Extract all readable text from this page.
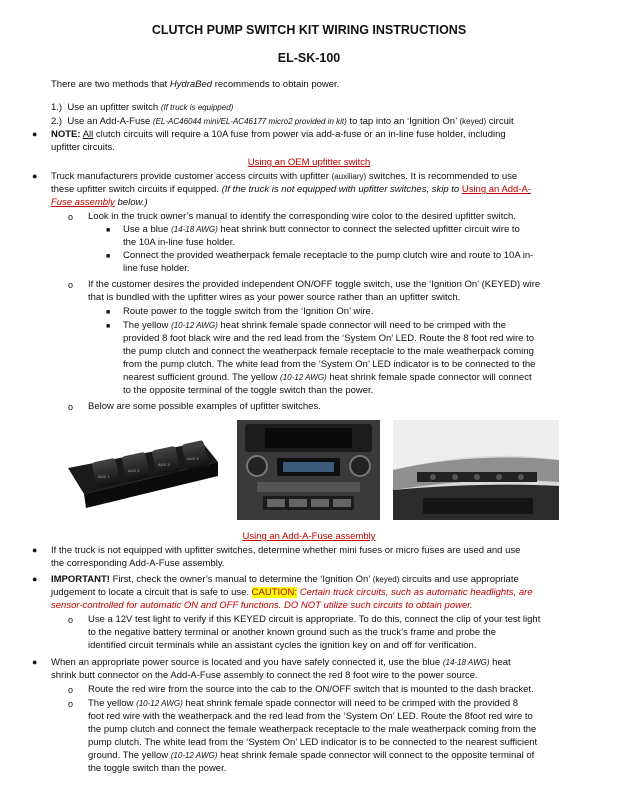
CLUTCH PUMP SWITCH KIT WIRING INSTRUCTIONS
EL-SK-100
There are two methods that HydraBed recommends to obtain power.
1.) Use an upfitter switch (If truck is equipped)
2.) Use an Add-A-Fuse (EL-AC46044 mini/EL-AC46177 micro2 provided in kit) to tap into an ‘Ignition On’ (keyed) circuit
● NOTE: All clutch circuits will require a 10A fuse from power via add-a-fuse or an in-line fuse holder, including
upfitter circuits.
Using an OEM upfitter switch
● Truck manufacturers provide customer access circuits with upfitter (auxiliary) switches. It is recommended to use
these upfitter switch circuits if equipped. (If the truck is not equipped with upfitter switches, skip to Using an Add-A-
Fuse assembly below.)
o Look in the truck owner’s manual to identify the corresponding wire color to the desired upfitter switch.
■ Use a blue (14-18 AWG) heat shrink butt connector to connect the selected upfitter circuit wire to
the 10A in-line fuse holder.
■ Connect the provided weatherpack female receptacle to the pump clutch wire and route to 10A in-
line fuse holder.
o If the customer desires the provided independent ON/OFF toggle switch, use the ‘Ignition On’ (KEYED) wire
that is bundled with the upfitter wires as your power source rather than an upfitter switch.
■ Route power to the toggle switch from the ‘Ignition On’ wire.
■ The yellow (10-12 AWG) heat shrink female spade connector will need to be crimped with the
provided 8 foot black wire and the red lead from the ‘System On’ LED. Route the 8 foot red wire to
the pump clutch and connect the weatherpack female receptacle to the male weatherpack coming
from the pump clutch. The white lead from the ‘System On’ LED indicator is to be connected to the
nearest sufficient ground. The yellow (10-12 AWG) heat shrink female spade connector will connect
to the opposite terminal of the toggle switch than the power.
o Below are some possible examples of upfitter switches.
AUX 1
AUX 2
AUX 3
AUX 4
Using an Add-A-Fuse assembly
● If the truck is not equipped with upfitter switches, determine whether mini fuses or micro fuses are used and use
the corresponding Add-A-Fuse assembly.
● IMPORTANT! First, check the owner’s manual to determine the ‘Ignition On’ (keyed) circuits and use appropriate
judgement to locate a circuit that is safe to use. CAUTION: Certain truck circuits, such as automatic headlights, are
sensor-controlled for automatic ON and OFF functions. DO NOT utilize such circuits to obtain power.
o Use a 12V test light to verify if this KEYED circuit is appropriate. To do this, connect the clip of your test light
to the negative battery terminal or another known ground such as the truck’s frame and probe the
identified circuit terminals while an assistant cycles the ignition key on and off for verification.
● When an appropriate power source is located and you have safely connected it, use the blue (14-18 AWG) heat
shrink butt connector on the Add-A-Fuse assembly to connect the red 8 foot wire to the power source.
o Route the red wire from the source into the cab to the ON/OFF switch that is mounted to the dash bracket.
o The yellow (10-12 AWG) heat shrink female spade connector will need to be crimped with the provided 8
foot red wire with the weatherpack and the red lead from the ‘System On’ LED. Route the 8foot red wire to
the pump clutch and connect the female weatherpack receptacle to the male weatherpack coming from the
pump clutch. The white lead from the ‘System On’ LED indicator is to be connected to the nearest sufficient
ground. The yellow (10-12 AWG) heat shrink female spade connector will connect to the opposite terminal of
the toggle switch than the power.
